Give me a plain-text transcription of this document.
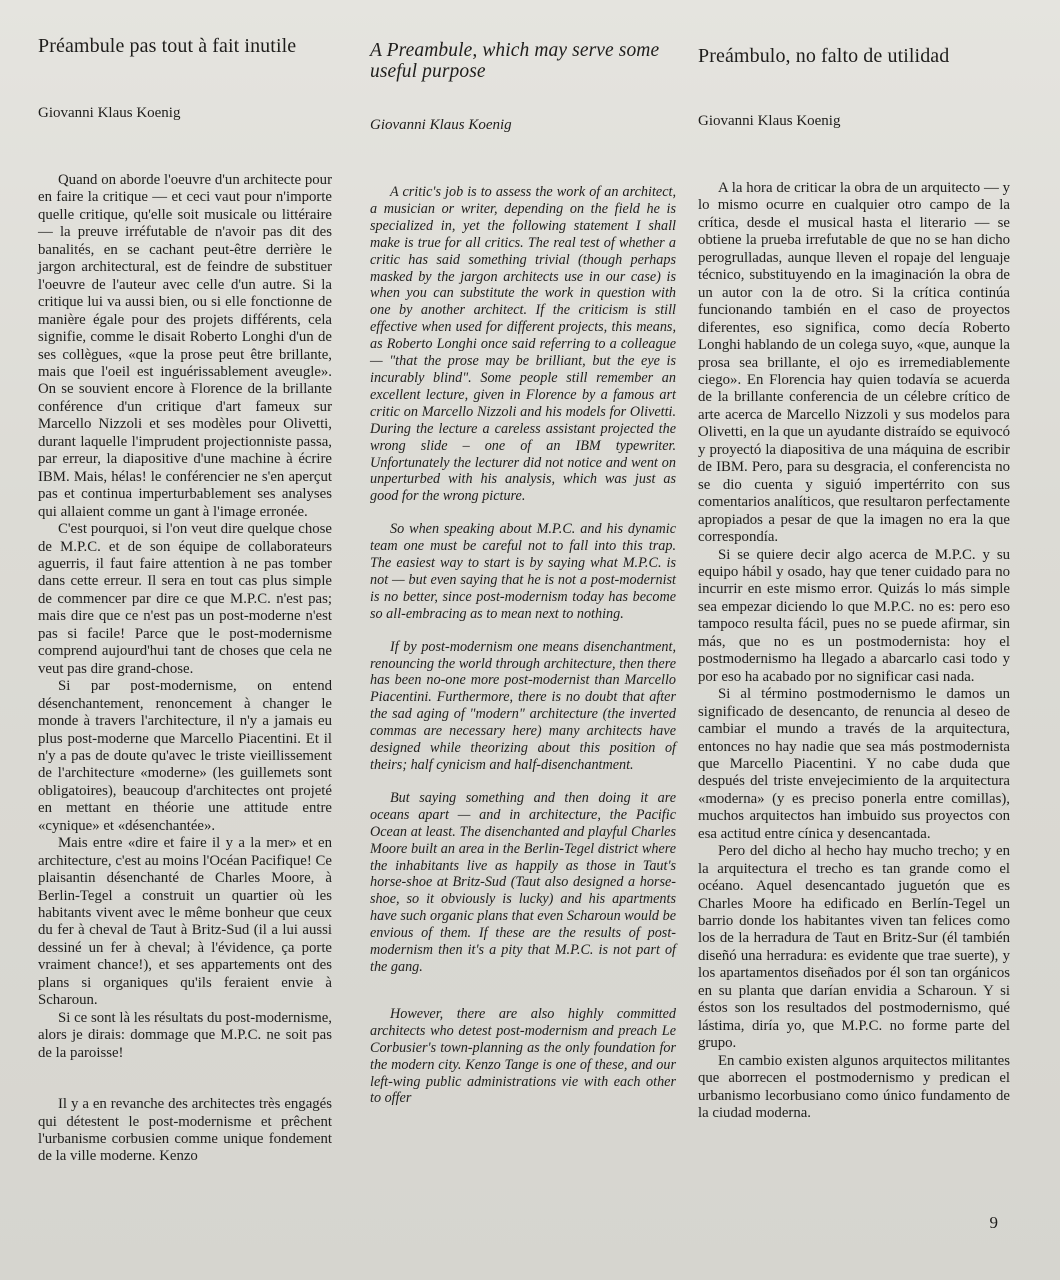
Préambule pas tout à fait inutile
Giovanni Klaus Koenig

Quand on aborde l'oeuvre d'un architecte pour en faire la critique — et ceci vaut pour n'importe quelle critique, qu'elle soit musicale ou littéraire — la preuve irréfutable de n'avoir pas dit des banalités, en se cachant peut-être derrière le jargon architectural, est de feindre de substituer l'oeuvre de l'auteur avec celle d'un autre. Si la critique lui va aussi bien, ou si elle fonctionne de manière égale pour des projets différents, cela signifie, comme le disait Roberto Longhi d'un de ses collègues, «que la prose peut être brillante, mais que l'oeil est inguérissablement aveugle». On se souvient encore à Florence de la brillante conférence d'un critique d'art fameux sur Marcello Nizzoli et ses modèles pour Olivetti, durant laquelle l'imprudent projectionniste passa, par erreur, la diapositive d'une machine à écrire IBM. Mais, hélas! le conférencier ne s'en aperçut pas et continua imperturbablement ses analyses qui allaient comme un gant à l'image erronée.

C'est pourquoi, si l'on veut dire quelque chose de M.P.C. et de son équipe de collaborateurs aguerris, il faut faire attention à ne pas tomber dans cette erreur. Il sera en tout cas plus simple de commencer par dire ce que M.P.C. n'est pas; mais dire que ce n'est pas un post-moderne n'est pas si facile! Parce que le post-modernisme comprend aujourd'hui tant de choses que cela ne veut pas dire grand-chose.

Si par post-modernisme, on entend désenchantement, renoncement à changer le monde à travers l'architecture, il n'y a jamais eu plus post-moderne que Marcello Piacentini. Et il n'y a pas de doute qu'avec le triste vieillissement de l'architecture «moderne» (les guillemets sont obligatoires), beaucoup d'architectes ont projeté en mettant en théorie une attitude entre «cynique» et «désenchantée».

Mais entre «dire et faire il y a la mer» et en architecture, c'est au moins l'Océan Pacifique! Ce plaisantin désenchanté de Charles Moore, à Berlin-Tegel a construit un quartier où les habitants vivent avec le même bonheur que ceux du fer à cheval de Taut à Britz-Sud (il a lui aussi dessiné un fer à cheval; à l'évidence, ça porte vraiment chance!), et ses appartements ont des plans si organiques qu'ils feraient envie à Scharoun.

Si ce sont là les résultats du post-modernisme, alors je dirais: dommage que M.P.C. ne soit pas de la paroisse!

Il y a en revanche des architectes très engagés qui détestent le post-modernisme et prêchent l'urbanisme corbusien comme unique fondement de la ville moderne. Kenzo

A Preambule, which may serve some useful purpose
Giovanni Klaus Koenig

A critic's job is to assess the work of an architect, a musician or writer, depending on the field he is specialized in, yet the following statement I shall make is true for all critics. The real test of whether a critic has said something trivial (though perhaps masked by the jargon architects use in our case) is when you can substitute the work in question with one by another architect. If the criticism is still effective when used for different projects, this means, as Roberto Longhi once said referring to a colleague — "that the prose may be brilliant, but the eye is incurably blind". Some people still remember an excellent lecture, given in Florence by a famous art critic on Marcello Nizzoli and his models for Olivetti. During the lecture a careless assistant projected the wrong slide – one of an IBM typewriter. Unfortunately the lecturer did not notice and went on unperturbed with his analysis, which was just as good for the wrong picture.

So when speaking about M.P.C. and his dynamic team one must be careful not to fall into this trap. The easiest way to start is by saying what M.P.C. is not — but even saying that he is not a post-modernist is no better, since post-modernism today has become so all-embracing as to mean next to nothing.

If by post-modernism one means disenchantment, renouncing the world through architecture, then there has been no-one more post-modernist than Marcello Piacentini. Furthermore, there is no doubt that after the sad aging of "modern" architecture (the inverted commas are necessary here) many architects have designed while theorizing about this position of theirs; half cynicism and half-disenchantment.

But saying something and then doing it are oceans apart — and in architecture, the Pacific Ocean at least. The disenchanted and playful Charles Moore built an area in the Berlin-Tegel district where the inhabitants live as happily as those in Taut's horse-shoe at Britz-Sud (Taut also designed a horse-shoe, so it obviously is lucky) and his apartments have such organic plans that even Scharoun would be envious of them. If these are the results of post-modernism then it's a pity that M.P.C. is not part of the gang.

However, there are also highly committed architects who detest post-modernism and preach Le Corbusier's town-planning as the only foundation for the modern city. Kenzo Tange is one of these, and our left-wing public administrations vie with each other to offer

Preámbulo, no falto de utilidad
Giovanni Klaus Koenig

A la hora de criticar la obra de un arquitecto — y lo mismo ocurre en cualquier otro campo de la crítica, desde el musical hasta el literario — se obtiene la prueba irrefutable de que no se han dicho perogrulladas, aunque lleven el ropaje del lenguaje técnico, substituyendo en la imaginación la obra de un autor con la de otro. Si la crítica continúa funcionando también en el caso de proyectos diferentes, eso significa, como decía Roberto Longhi hablando de un colega suyo, «que, aunque la prosa sea brillante, el ojo es irremediablemente ciego». En Florencia hay quien todavía se acuerda de la brillante conferencia de un célebre crítico de arte acerca de Marcello Nizzoli y sus modelos para Olivetti, en la que un ayudante distraído se equivocó y proyectó la diapositiva de una máquina de escribir de IBM. Pero, para su desgracia, el conferencista no se dio cuenta y siguió impertérrito con sus comentarios analíticos, que resultaron perfectamente apropiados a pesar de que la imagen no era la que correspondía.

Si se quiere decir algo acerca de M.P.C. y su equipo hábil y osado, hay que tener cuidado para no incurrir en este mismo error. Quizás lo más simple sea empezar diciendo lo que M.P.C. no es: pero eso tampoco resulta fácil, pues no se puede afirmar, sin más, que no es un postmodernista: hoy el postmodernismo ha llegado a abarcarlo casi todo y por eso ha acabado por no significar casi nada.

Si al término postmodernismo le damos un significado de desencanto, de renuncia al deseo de cambiar el mundo a través de la arquitectura, entonces no hay nadie que sea más postmodernista que Marcello Piacentini. Y no cabe duda que después del triste envejecimiento de la arquitectura «moderna» (y es preciso ponerla entre comillas), muchos arquitectos han imbuido sus proyectos con esa actitud entre cínica y desencantada.

Pero del dicho al hecho hay mucho trecho; y en la arquitectura el trecho es tan grande como el océano. Aquel desencantado juguetón que es Charles Moore ha edificado en Berlín-Tegel un barrio donde los habitantes viven tan felices como los de la herradura de Taut en Britz-Sur (él también diseñó una herradura: es evidente que trae suerte), y los apartamentos diseñados por él son tan orgánicos en su planta que darían envidia a Scharoun. Y si éstos son los resultados del postmodernismo, qué lástima, diría yo, que M.P.C. no forme parte del grupo.

En cambio existen algunos arquitectos militantes que aborrecen el postmodernismo y predican el urbanismo lecorbusiano como único fundamento de la ciudad moderna.

9
